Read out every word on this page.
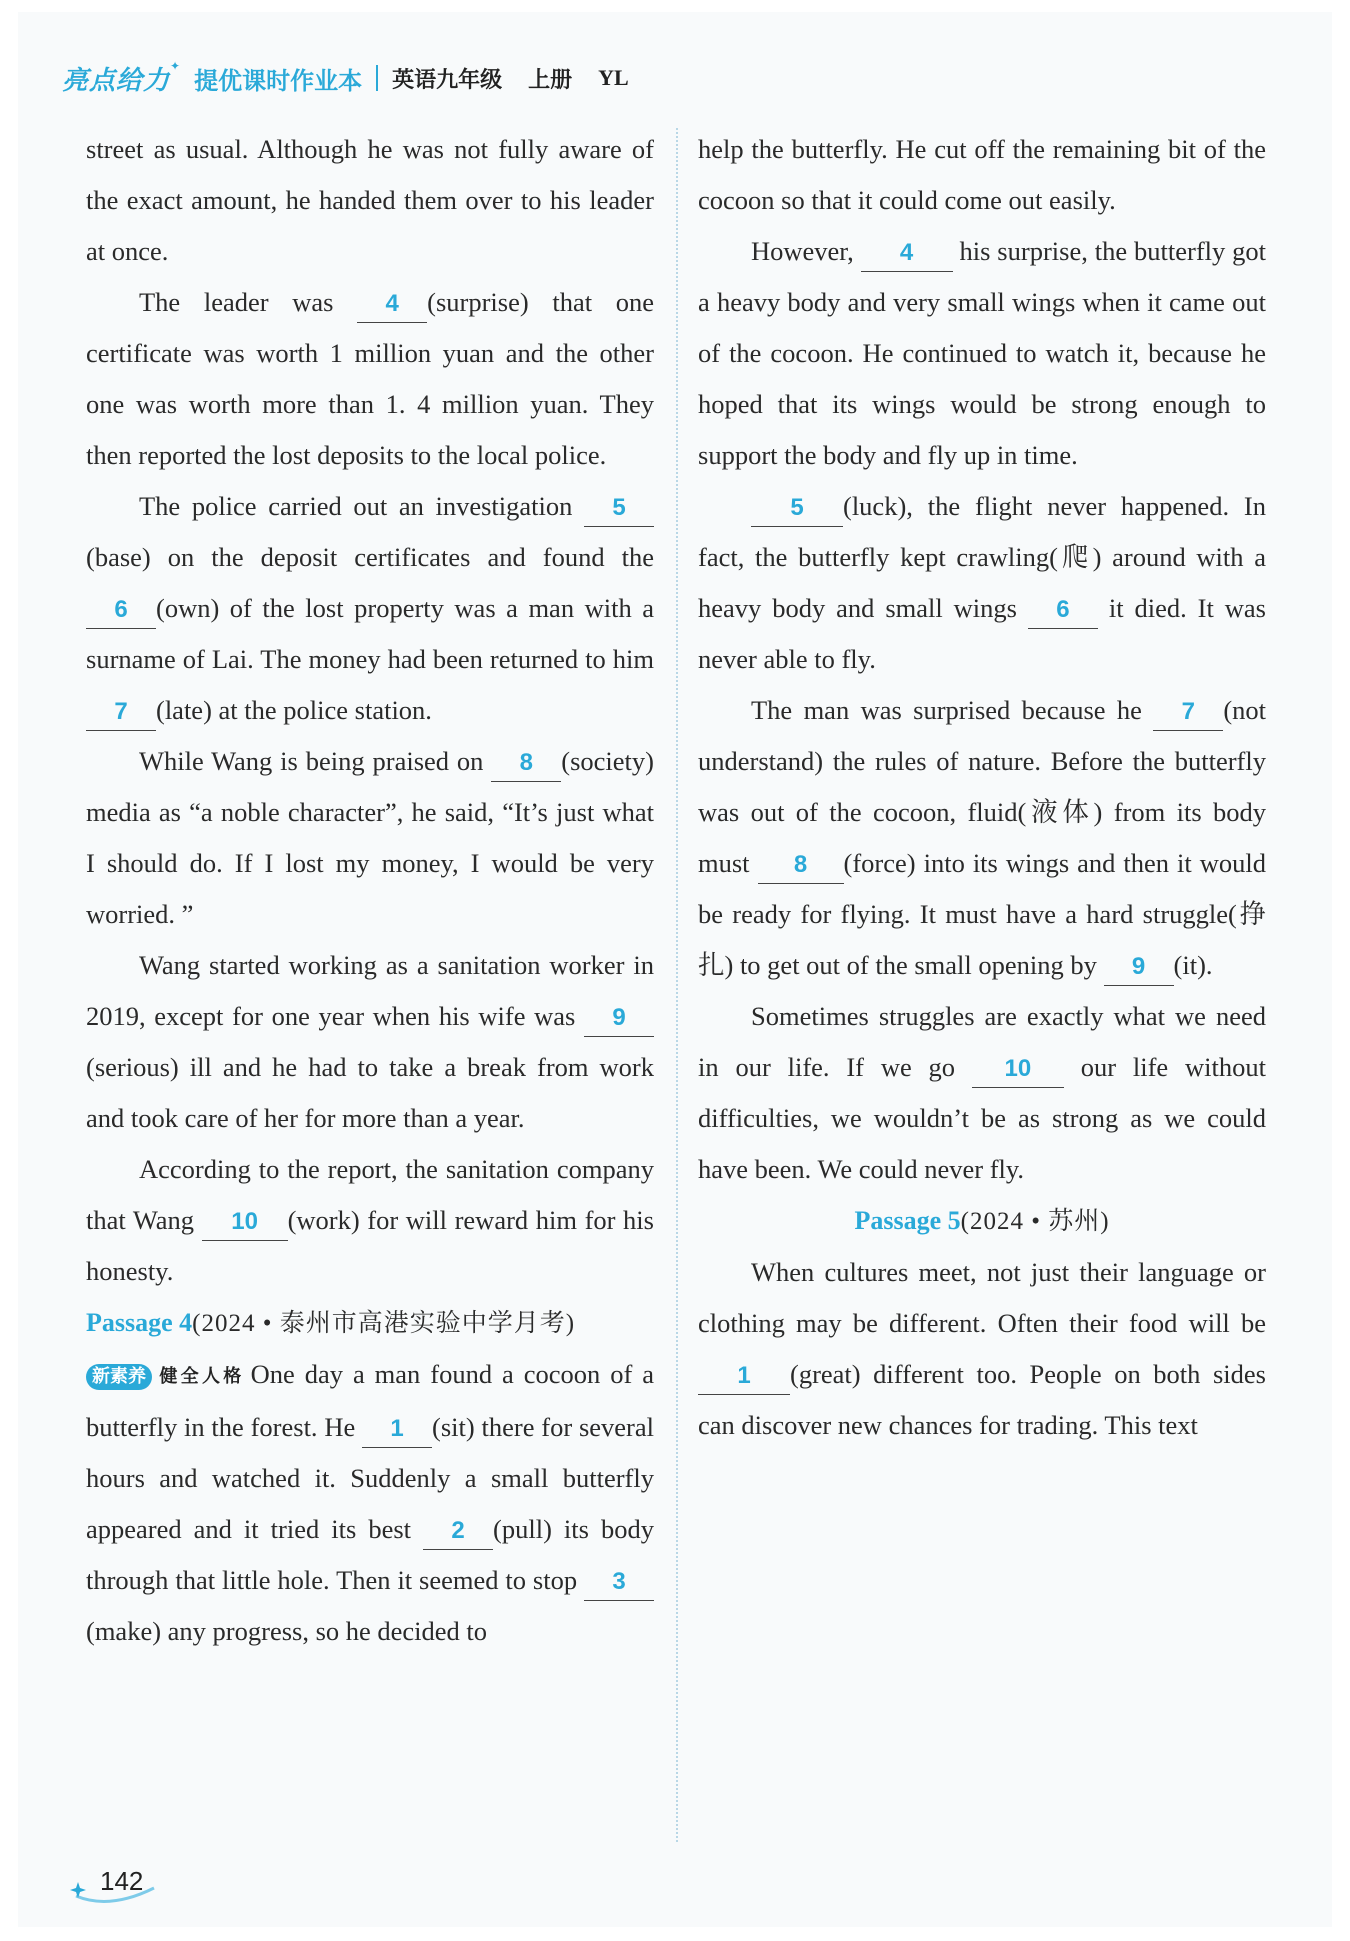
亮点给力 ✦
提优课时作业本 英语九年级 上册 YL

street as usual. Although he was not fully aware of the exact amount, he handed them over to his leader at once.

The leader was 4 (surprise) that one certificate was worth 1 million yuan and the other one was worth more than 1. 4 million yuan. They then reported the lost deposits to the local police.

The police carried out an investigation 5(base) on the deposit certificates and found the 6 (own) of the lost property was a man with a surname of Lai. The money had been returned to him 7 (late) at the police station.

While Wang is being praised on 8 (society) media as “a noble character”, he said, “It’s just what I should do. If I lost my money, I would be very worried. ”

Wang started working as a sanitation worker in 2019, except for one year when his wife was 9(serious) ill and he had to take a break from work and took care of her for more than a year.

According to the report, the sanitation company that Wang 10 (work) for will reward him for his honesty.

Passage 4(2024 • 泰州市高港实验中学月考)

新素养 健全人格 One day a man found a cocoon of a butterfly in the forest. He 1 (sit) there for several hours and watched it. Suddenly a small butterfly appeared and it tried its best 2 (pull) its body through that little hole. Then it seemed to stop 3(make) any progress, so he decided to

help the butterfly. He cut off the remaining bit of the cocoon so that it could come out easily.

However, 4 his surprise, the butterfly got a heavy body and very small wings when it came out of the cocoon. He continued to watch it, because he hoped that its wings would be strong enough to support the body and fly up in time.

5 (luck), the flight never happened. In fact, the butterfly kept crawling(爬) around with a heavy body and small wings 6 it died. It was never able to fly.

The man was surprised because he 7 (not understand) the rules of nature. Before the butterfly was out of the cocoon, fluid(液体) from its body must 8 (force) into its wings and then it would be ready for flying. It must have a hard struggle(挣扎) to get out of the small opening by 9 (it).

Sometimes struggles are exactly what we need in our life. If we go 10 our life without difficulties, we wouldn’t be as strong as we could have been. We could never fly.

Passage 5(2024 • 苏州)

When cultures meet, not just their language or clothing may be different. Often their food will be 1 (great) different too. People on both sides can discover new chances for trading. This text

142
